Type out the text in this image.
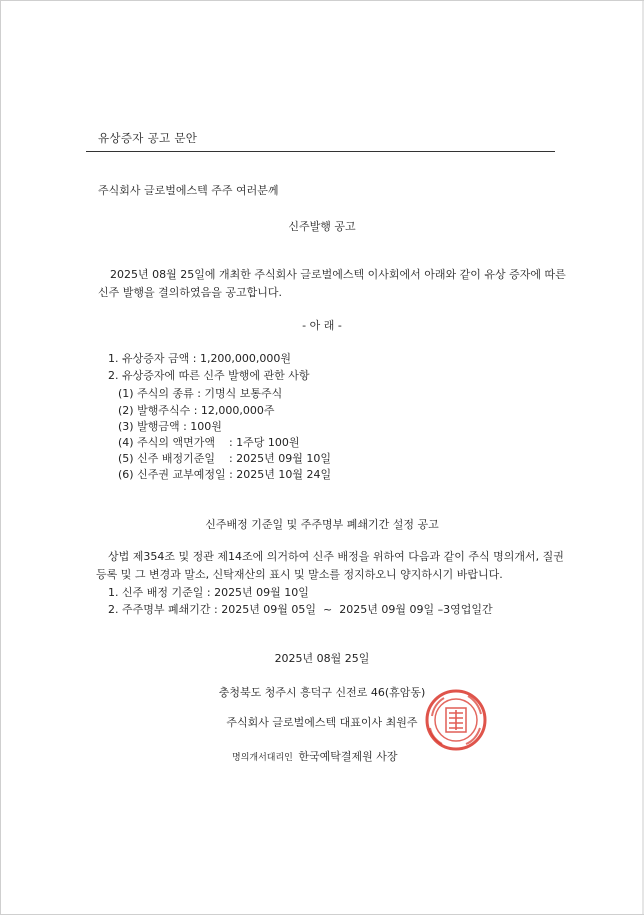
유상증자 공고 문안
주식회사 글로벌에스텍 주주 여러분께
신주발행 공고
2025년 08월 25일에 개최한 주식회사 글로벌에스텍 이사회에서 아래와 같이 유상 증자에 따른 신주 발행을 결의하였음을 공고합니다.
- 아 래 -
1. 유상증자 금액 : 1,200,000,000원
2. 유상증자에 따른 신주 발행에 관한 사항
(1) 주식의 종류 : 기명식 보통주식
(2) 발행주식수 : 12,000,000주
(3) 발행금액 : 100원
(4) 주식의 액면가액    : 1주당 100원
(5) 신주 배정기준일    : 2025년 09월 10일
(6) 신주권 교부예정일 : 2025년 10월 24일
신주배정 기준일 및 주주명부 폐쇄기간 설정 공고
상법 제354조 및 정관 제14조에 의거하여 신주 배정을 위하여 다음과 같이 주식 명의개서, 질권등록 및 그 변경과 말소, 신탁재산의 표시 및 말소를 정지하오니 양지하시기 바랍니다.
1. 신주 배정 기준일 : 2025년 09월 10일
2. 주주명부 폐쇄기간 : 2025년 09월 05일  ~  2025년 09월 09일 –3영업일간
2025년 08월 25일
충청북도 청주시 흥덕구 신전로 46(휴암동)
주식회사 글로벌에스텍 대표이사 최원주
명의개서대리인 한국예탁결제원 사장
